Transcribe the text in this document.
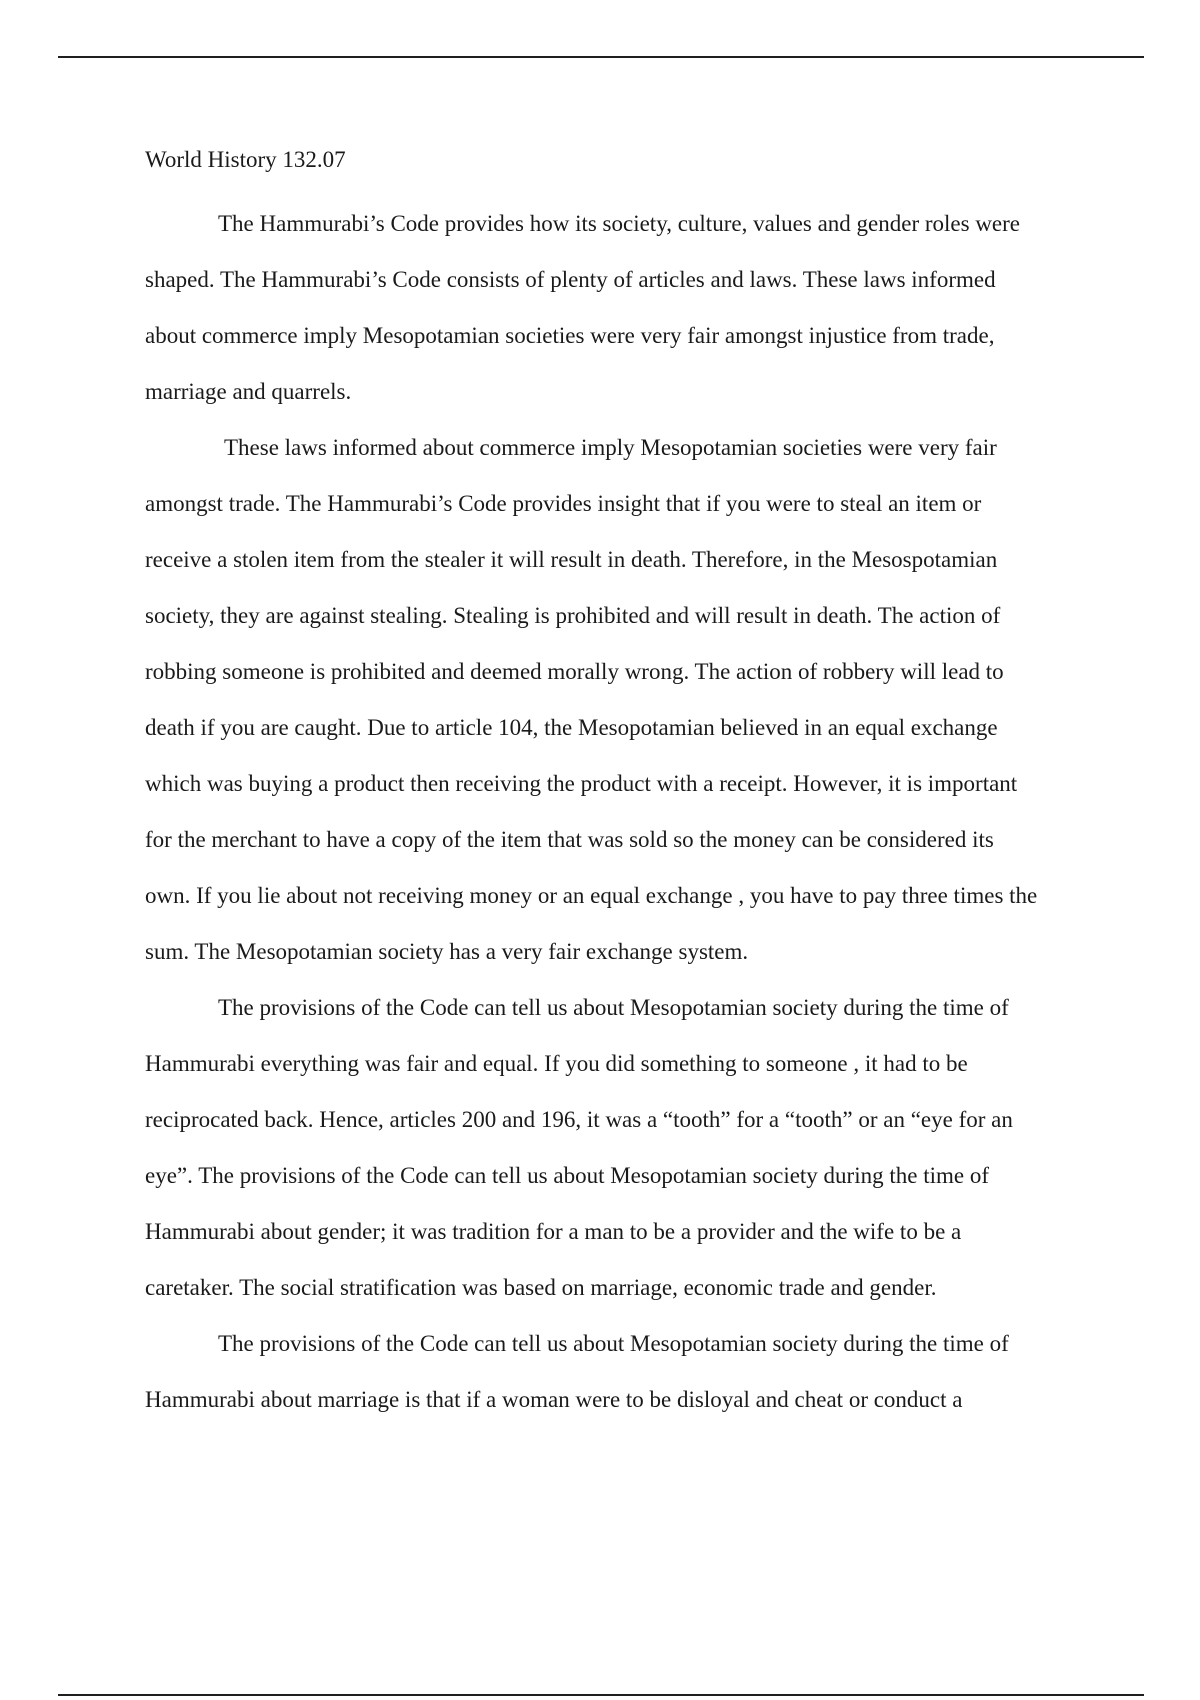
World History 132.07
The Hammurabi’s Code provides how its society, culture, values and gender roles were
shaped. The Hammurabi’s Code consists of plenty of articles and laws. These laws informed
about commerce imply Mesopotamian societies were very fair amongst injustice from trade,
marriage and quarrels.
These laws informed about commerce imply Mesopotamian societies were very fair
amongst trade. The Hammurabi’s Code provides insight that if you were to steal an item or
receive a stolen item from the stealer it will result in death. Therefore, in the Mesospotamian
society, they are against stealing. Stealing is prohibited and will result in death. The action of
robbing someone is prohibited and deemed morally wrong. The action of robbery will lead to
death if you are caught. Due to article 104, the Mesopotamian believed in an equal exchange
which was buying a product then receiving the product with a receipt. However, it is important
for the merchant to have a copy of the item that was sold so the money can be considered its
own. If you lie about not receiving money or an equal exchange , you have to pay three times the
sum. The Mesopotamian society has a very fair exchange system.
The provisions of the Code can tell us about Mesopotamian society during the time of
Hammurabi everything was fair and equal. If you did something to someone , it had to be
reciprocated back. Hence, articles 200 and 196, it was a “tooth” for a “tooth” or an “eye for an
eye”. The provisions of the Code can tell us about Mesopotamian society during the time of
Hammurabi about gender; it was tradition for a man to be a provider and the wife to be a
caretaker. The social stratification was based on marriage, economic trade and gender.
The provisions of the Code can tell us about Mesopotamian society during the time of
Hammurabi about marriage is that if a woman were to be disloyal and cheat or conduct a
